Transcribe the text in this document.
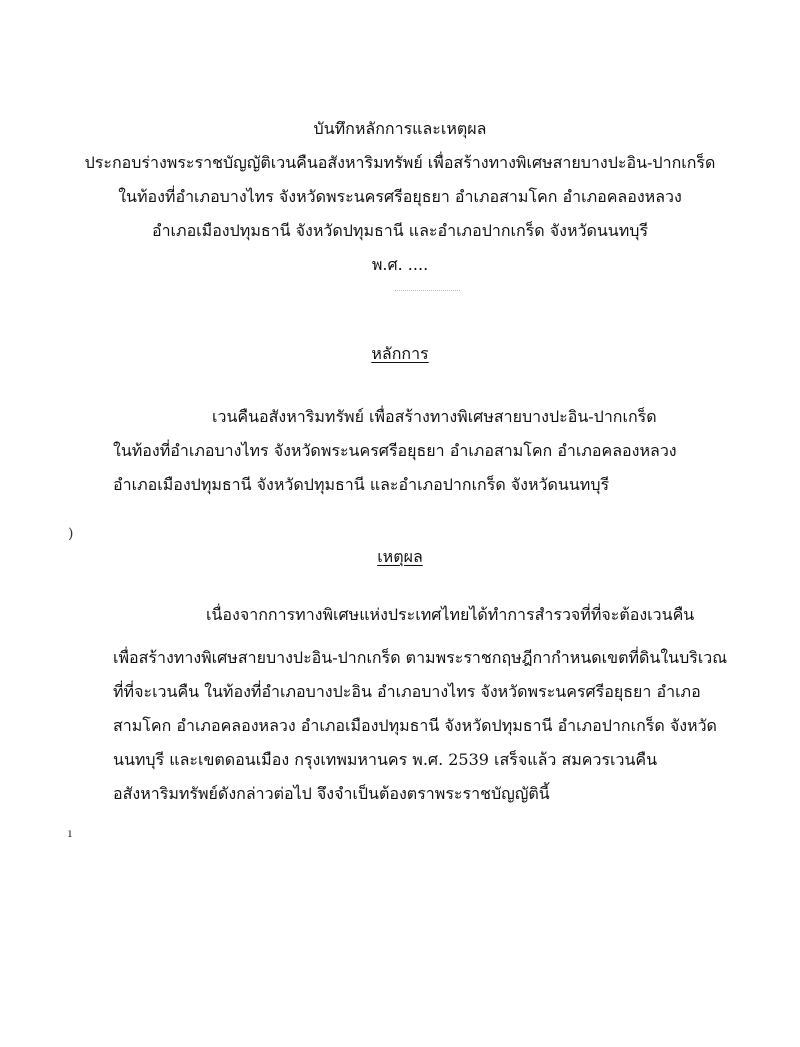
บันทึกหลักการและเหตุผล
ประกอบร่างพระราชบัญญัติเวนคืนอสังหาริมทรัพย์ เพื่อสร้างทางพิเศษสายบางปะอิน-ปากเกร็ด
ในท้องที่อำเภอบางไทร จังหวัดพระนครศรีอยุธยา อำเภอสามโคก อำเภอคลองหลวง
อำเภอเมืองปทุมธานี จังหวัดปทุมธานี และอำเภอปากเกร็ด จังหวัดนนทบุรี
พ.ศ. ....
หลักการ
เวนคืนอสังหาริมทรัพย์ เพื่อสร้างทางพิเศษสายบางปะอิน-ปากเกร็ด
ในท้องที่อำเภอบางไทร จังหวัดพระนครศรีอยุธยา อำเภอสามโคก อำเภอคลองหลวง
อำเภอเมืองปทุมธานี จังหวัดปทุมธานี และอำเภอปากเกร็ด จังหวัดนนทบุรี
)
เหตุผล
เนื่องจากการทางพิเศษแห่งประเทศไทยได้ทำการสำรวจที่ที่จะต้องเวนคืน
เพื่อสร้างทางพิเศษสายบางปะอิน-ปากเกร็ด ตามพระราชกฤษฎีกากำหนดเขตที่ดินในบริเวณ
ที่ที่จะเวนคืน ในท้องที่อำเภอบางปะอิน อำเภอบางไทร จังหวัดพระนครศรีอยุธยา อำเภอ
สามโคก อำเภอคลองหลวง อำเภอเมืองปทุมธานี จังหวัดปทุมธานี อำเภอปากเกร็ด จังหวัด
นนทบุรี และเขตดอนเมือง กรุงเทพมหานคร พ.ศ. 2539 เสร็จแล้ว สมควรเวนคืน
อสังหาริมทรัพย์ดังกล่าวต่อไป จึงจำเป็นต้องตราพระราชบัญญัตินี้
ı
